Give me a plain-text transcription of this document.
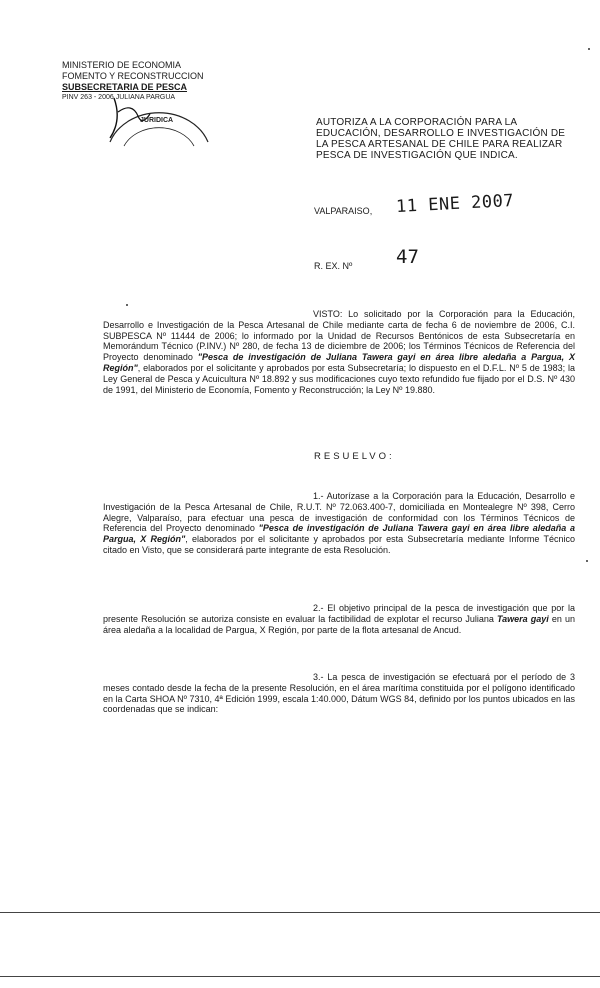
MINISTERIO DE ECONOMIA
FOMENTO Y RECONSTRUCCION
SUBSECRETARIA DE PESCA
PINV 263 - 2006 JULIANA PARGUA
JURIDICA	AUTORIZA A LA CORPORACIÓN PARA LA EDUCACIÓN, DESARROLLO E INVESTIGACIÓN DE LA PESCA ARTESANAL DE CHILE PARA REALIZAR PESCA DE INVESTIGACIÓN QUE INDICA.
VALPARAISO, 11 ENE 2007
R. EX. Nº 47
VISTO: Lo solicitado por la Corporación para la Educación, Desarrollo e Investigación de la Pesca Artesanal de Chile mediante carta de fecha 6 de noviembre de 2006, C.I. SUBPESCA Nº 11444 de 2006; lo informado por la Unidad de Recursos Bentónicos de esta Subsecretaría en Memorándum Técnico (P.INV.) Nº 280, de fecha 13 de diciembre de 2006; los Términos Técnicos de Referencia del Proyecto denominado "Pesca de investigación de Juliana Tawera gayi en área libre aledaña a Pargua, X Región", elaborados por el solicitante y aprobados por esta Subsecretaría; lo dispuesto en el D.F.L. Nº 5 de 1983; la Ley General de Pesca y Acuicultura Nº 18.892 y sus modificaciones cuyo texto refundido fue fijado por el D.S. Nº 430 de 1991, del Ministerio de Economía, Fomento y Reconstrucción; la Ley Nº 19.880.
RESUELVO:
1.- Autorízase a la Corporación para la Educación, Desarrollo e Investigación de la Pesca Artesanal de Chile, R.U.T. Nº 72.063.400-7, domiciliada en Montealegre Nº 398, Cerro Alegre, Valparaíso, para efectuar una pesca de investigación de conformidad con los Términos Técnicos de Referencia del Proyecto denominado "Pesca de investigación de Juliana Tawera gayi en área libre aledaña a Pargua, X Región", elaborados por el solicitante y aprobados por esta Subsecretaría mediante Informe Técnico citado en Visto, que se considerará parte integrante de esta Resolución.
2.- El objetivo principal de la pesca de investigación que por la presente Resolución se autoriza consiste en evaluar la factibilidad de explotar el recurso Juliana Tawera gayi en un área aledaña a la localidad de Pargua, X Región, por parte de la flota artesanal de Ancud.
3.- La pesca de investigación se efectuará por el período de 3 meses contado desde la fecha de la presente Resolución, en el área marítima constituida por el polígono identificado en la Carta SHOA Nº 7310, 4ª Edición 1999, escala 1:40.000, Dátum WGS 84, definido por los puntos ubicados en las coordenadas que se indican:
